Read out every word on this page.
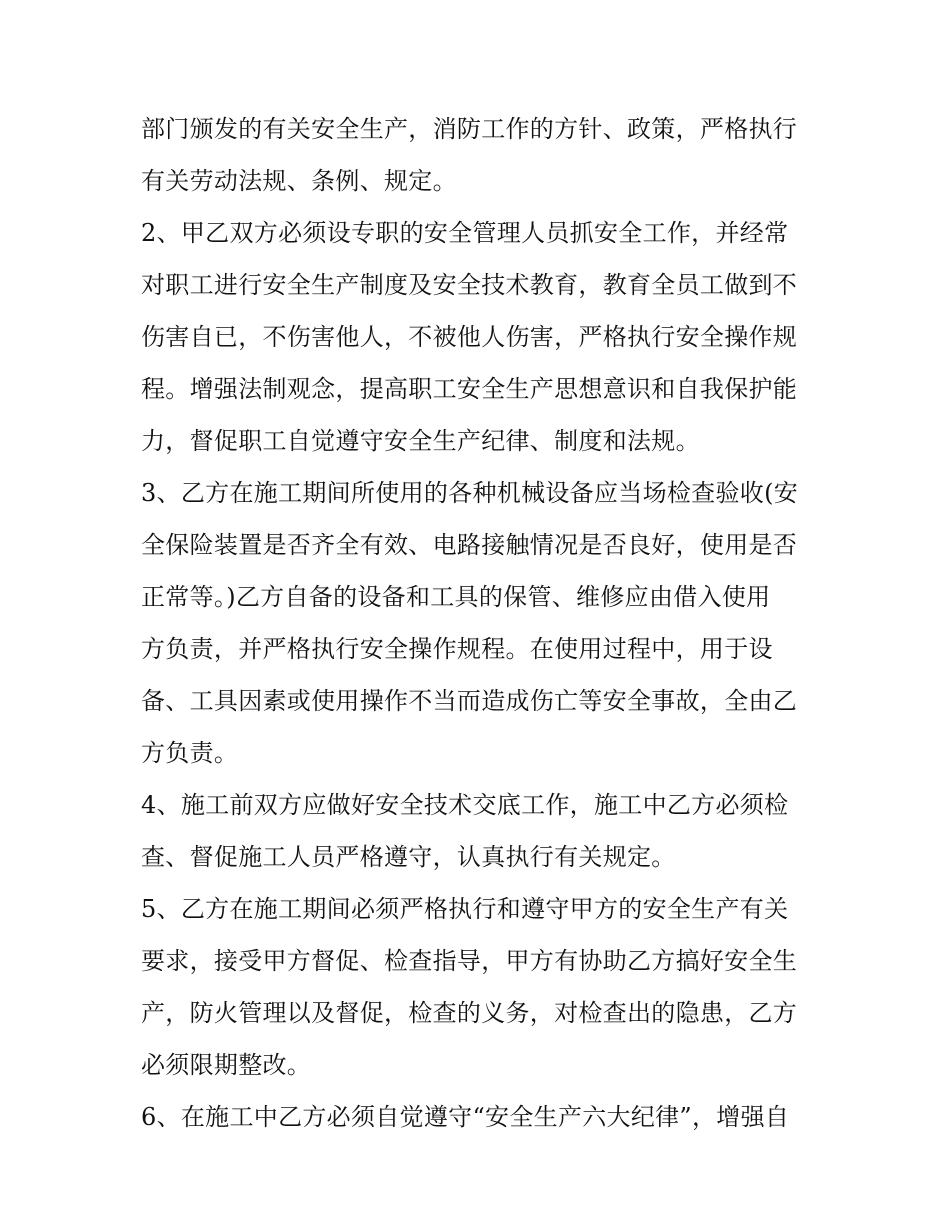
部门颁发的有关安全生产，消防工作的方针、政策，严格执行
有关劳动法规、条例、规定。
2、甲乙双方必须设专职的安全管理人员抓安全工作，并经常
对职工进行安全生产制度及安全技术教育，教育全员工做到不
伤害自已，不伤害他人，不被他人伤害，严格执行安全操作规
程。增强法制观念，提高职工安全生产思想意识和自我保护能
力，督促职工自觉遵守安全生产纪律、制度和法规。
3、乙方在施工期间所使用的各种机械设备应当场检查验收(安
全保险装置是否齐全有效、电路接触情况是否良好，使用是否
正常等。)乙方自备的设备和工具的保管、维修应由借入使用
方负责，并严格执行安全操作规程。在使用过程中，用于设
备、工具因素或使用操作不当而造成伤亡等安全事故，全由乙
方负责。
4、施工前双方应做好安全技术交底工作，施工中乙方必须检
查、督促施工人员严格遵守，认真执行有关规定。
5、乙方在施工期间必须严格执行和遵守甲方的安全生产有关
要求，接受甲方督促、检查指导，甲方有协助乙方搞好安全生
产，防火管理以及督促，检查的义务，对检查出的隐患，乙方
必须限期整改。
6、在施工中乙方必须自觉遵守“安全生产六大纪律”，增强自
